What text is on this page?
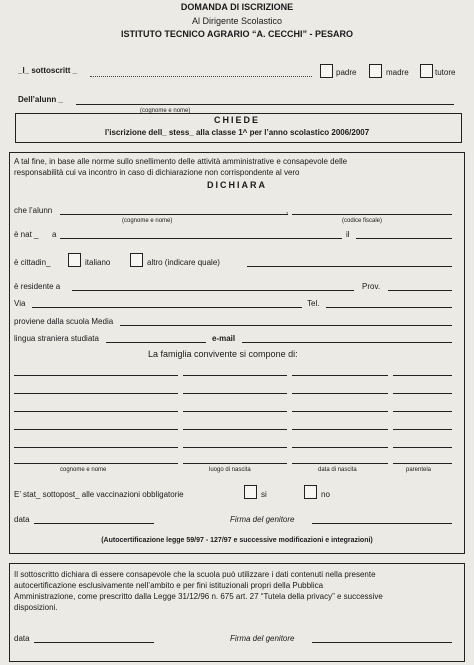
DOMANDA DI ISCRIZIONE
Al Dirigente Scolastico
ISTITUTO TECNICO AGRARIO “A. CECCHI” - PESARO
_l_ sottoscritt _	padre	madre	tutore
Dell’alunn _
(cognome e nome)
CHIEDE
l’iscrizione dell_ stess_ alla classe 1^ per l’anno scolastico 2006/2007
A tal fine, in base alle norme sullo snellimento delle attività amministrative e consapevole delle
responsabilità cui va incontro in caso di dichiarazione non corrispondente al vero
DICHIARA
che l’alunn	,
(cognome e nome)	(codice fiscale)
è nat _ a	il
è cittadin_	italiano	altro (indicare quale)
è residente a	Prov.
Via	Tel.
proviene dalla scuola Media
lingua straniera studiata	e-mail
La famiglia convivente si compone di:
cognome e nome	luogo di nascita	data di nascita	parentela
E’ stat_ sottopost_ alle vaccinazioni obbligatorie	si	no
data	Firma del genitore
(Autocertificazione legge 59/97 - 127/97 e successive modificazioni e integrazioni)
Il sottoscritto dichiara di essere consapevole che la scuola può utilizzare i dati contenuti nella presente
autocertificazione esclusivamente nell’ambito e per fini istituzionali propri della Pubblica
Amministrazione, come prescritto dalla Legge 31/12/96 n. 675 art. 27 “Tutela della privacy” e successive
disposizioni.
data	Firma del genitore
